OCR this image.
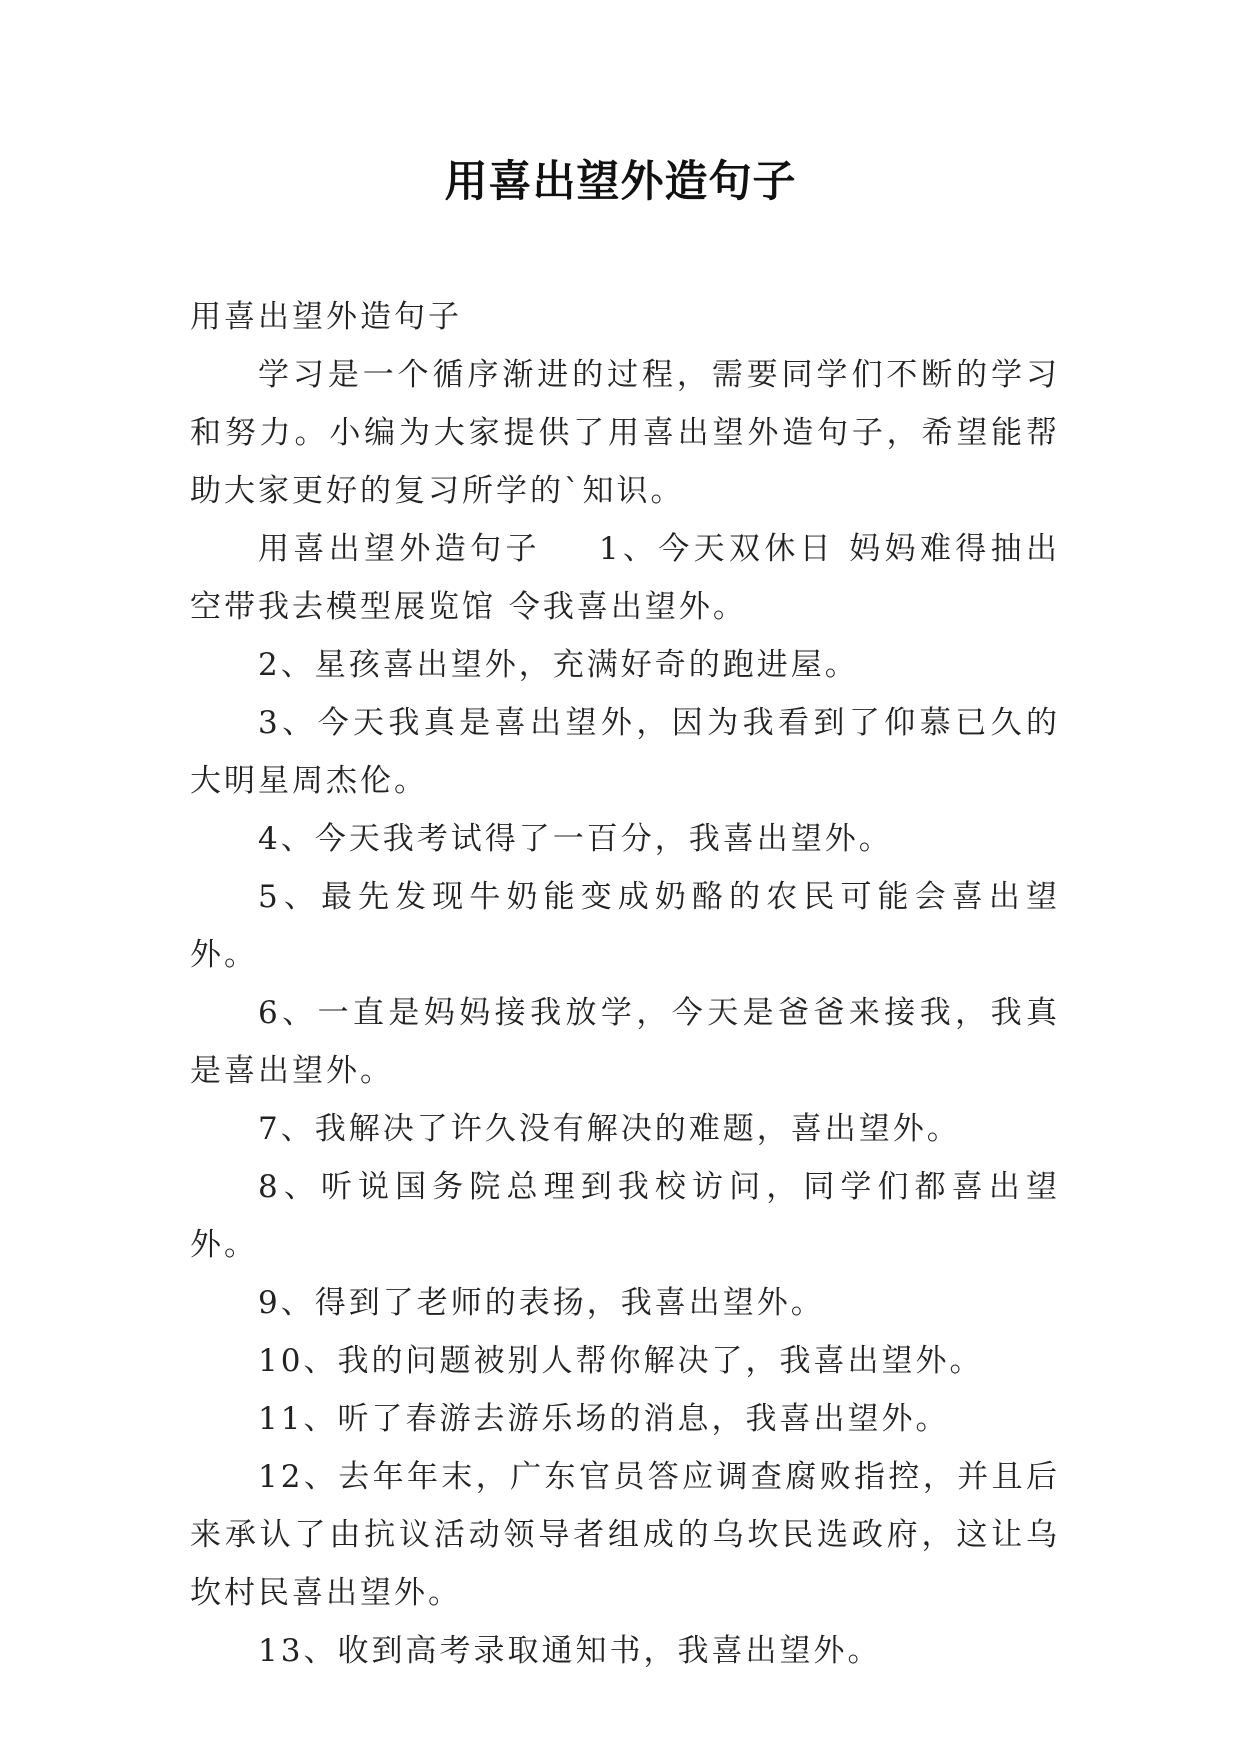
用喜出望外造句子

用喜出望外造句子

学习是一个循序渐进的过程，需要同学们不断的学习和努力。小编为大家提供了用喜出望外造句子，希望能帮助大家更好的复习所学的`知识。

用喜出望外造句子 1、今天双休日 妈妈难得抽出空带我去模型展览馆 令我喜出望外。

2、星孩喜出望外，充满好奇的跑进屋。

3、今天我真是喜出望外，因为我看到了仰慕已久的大明星周杰伦。

4、今天我考试得了一百分，我喜出望外。

5、最先发现牛奶能变成奶酪的农民可能会喜出望外。

6、一直是妈妈接我放学，今天是爸爸来接我，我真是喜出望外。

7、我解决了许久没有解决的难题，喜出望外。

8、听说国务院总理到我校访问，同学们都喜出望外。

9、得到了老师的表扬，我喜出望外。

10、我的问题被别人帮你解决了，我喜出望外。

11、听了春游去游乐场的消息，我喜出望外。

12、去年年末，广东官员答应调查腐败指控，并且后来承认了由抗议活动领导者组成的乌坎民选政府，这让乌坎村民喜出望外。

13、收到高考录取通知书，我喜出望外。
